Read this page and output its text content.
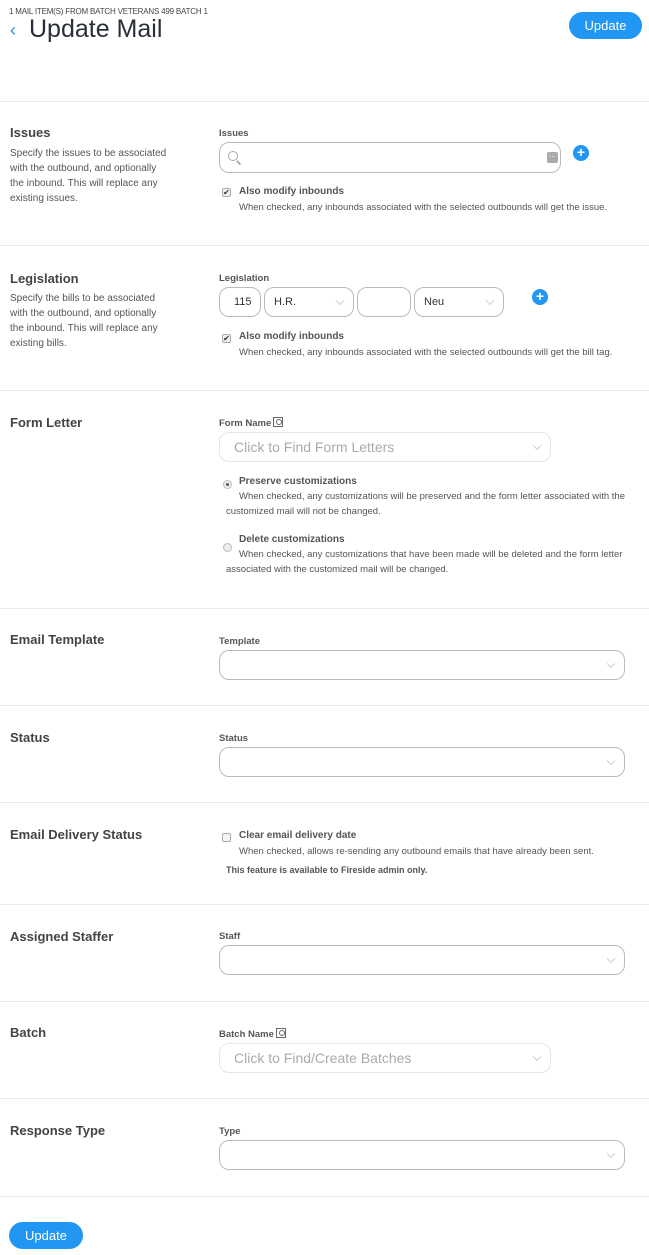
1 MAIL ITEM(S) FROM BATCH VETERANS 499 BATCH 1
‹ Update Mail	Update
Issues
Specify the issues to be associated with the outbound, and optionally the inbound. This will replace any existing issues.
Issues
… +
✔ Also modify inbounds
When checked, any inbounds associated with the selected outbounds will get the issue.
Legislation
Specify the bills to be associated with the outbound, and optionally the inbound. This will replace any existing bills.
Legislation
115 H.R.	Neu	+
✔ Also modify inbounds
When checked, any inbounds associated with the selected outbounds will get the bill tag.
Form Letter	Form Name
Click to Find Form Letters
Preserve customizations
When checked, any customizations will be preserved and the form letter associated with the customized mail will not be changed.
Delete customizations
When checked, any customizations that have been made will be deleted and the form letter associated with the customized mail will be changed.
Email Template	Template
Status	Status
Email Delivery Status	Clear email delivery date
When checked, allows re-sending any outbound emails that have already been sent.
This feature is available to Fireside admin only.
Assigned Staffer	Staff
Batch	Batch Name
Click to Find/Create Batches
Response Type	Type
Update
